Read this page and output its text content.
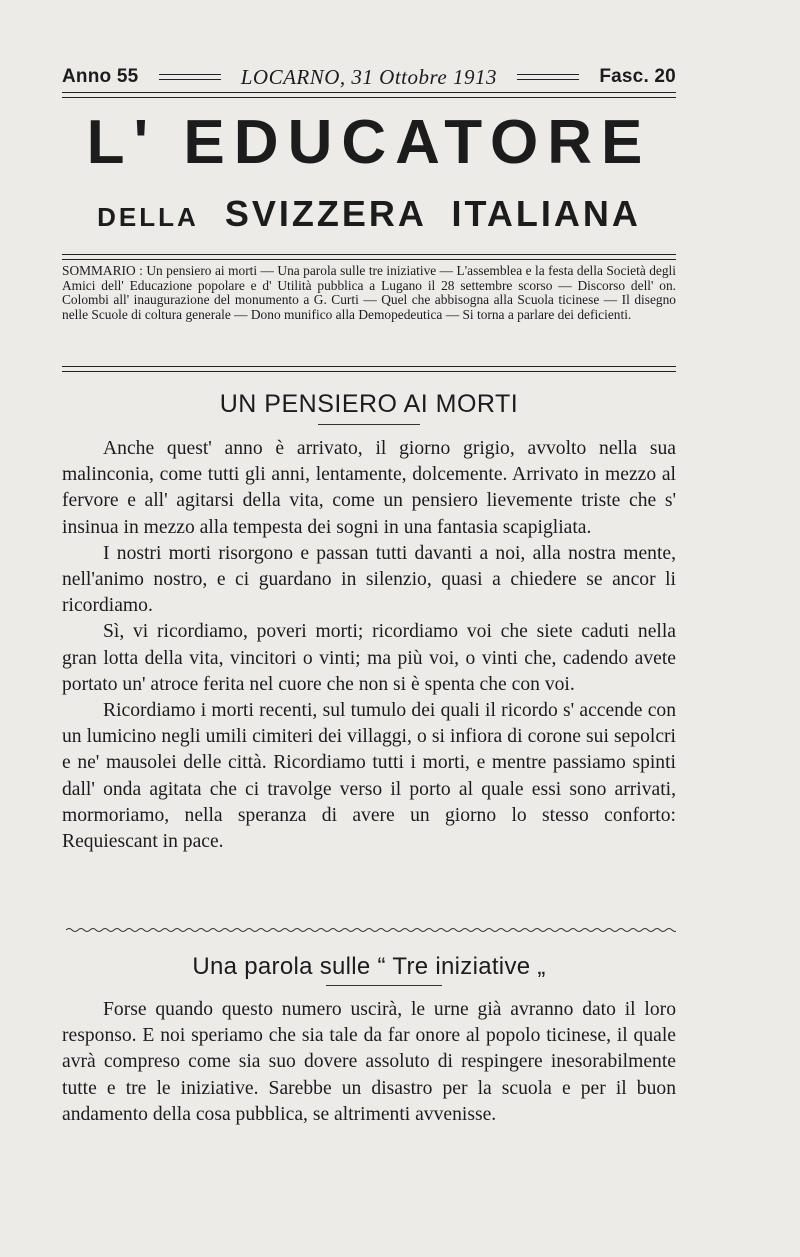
Anno 55	LOCARNO, 31 Ottobre 1913	Fasc. 20
L' EDUCATORE
DELLA SVIZZERA ITALIANA
SOMMARIO : Un pensiero ai morti — Una parola sulle tre iniziative — L'assemblea e la festa della Società degli Amici dell' Educazione popolare e d' Utilità pubblica a Lugano il 28 settembre scorso — Discorso dell' on. Colombi all' inaugurazione del monumento a G. Curti — Quel che abbisogna alla Scuola ticinese — Il disegno nelle Scuole di coltura generale — Dono munifico alla Demopedeutica — Si torna a parlare dei deficienti.
UN PENSIERO AI MORTI

Anche quest' anno è arrivato, il giorno grigio, avvolto nella sua malinconia, come tutti gli anni, lentamente, dolcemente. Arrivato in mezzo al fervore e all' agitarsi della vita, come un pensiero lievemente triste che s' insinua in mezzo alla tempesta dei sogni in una fantasia scapigliata.

I nostri morti risorgono e passan tutti davanti a noi, alla nostra mente, nell'animo nostro, e ci guardano in silenzio, quasi a chiedere se ancor li ricordiamo.

Sì, vi ricordiamo, poveri morti; ricordiamo voi che siete caduti nella gran lotta della vita, vincitori o vinti; ma più voi, o vinti che, cadendo avete portato un' atroce ferita nel cuore che non si è spenta che con voi.

Ricordiamo i morti recenti, sul tumulo dei quali il ricordo s' accende con un lumicino negli umili cimiteri dei villaggi, o si infiora di corone sui sepolcri e ne' mausolei delle città. Ricordiamo tutti i morti, e mentre passiamo spinti dall' onda agitata che ci travolge verso il porto al quale essi sono arrivati, mormoriamo, nella speranza di avere un giorno lo stesso conforto: Requiescant in pace.

Una parola sulle “ Tre iniziative „

Forse quando questo numero uscirà, le urne già avranno dato il loro responso. E noi speriamo che sia tale da far onore al popolo ticinese, il quale avrà compreso come sia suo dovere assoluto di respingere inesorabilmente tutte e tre le iniziative. Sarebbe un disastro per la scuola e per il buon andamento della cosa pubblica, se altrimenti avvenisse.
